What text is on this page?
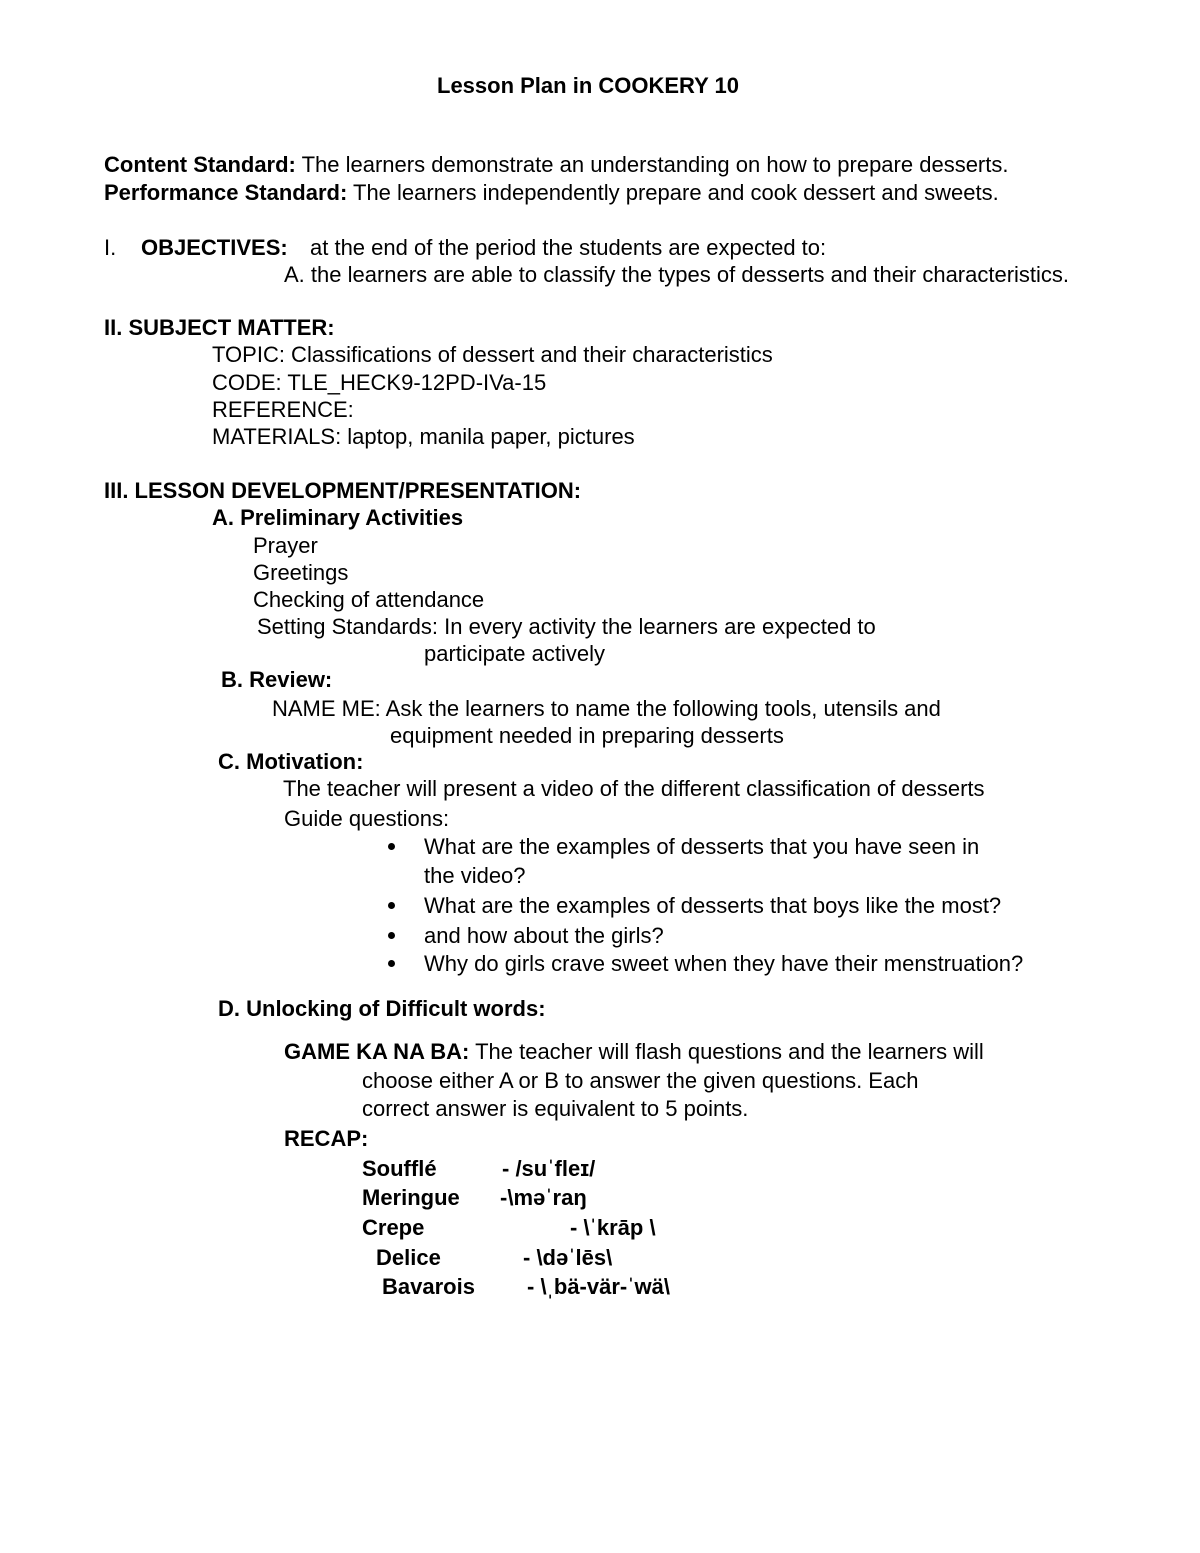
Lesson Plan in COOKERY 10
Content Standard: The learners demonstrate an understanding on how to prepare desserts.
Performance Standard: The learners independently prepare and cook dessert and sweets.
I. OBJECTIVES: at the end of the period the students are expected to:
A. the learners are able to classify the types of desserts and their characteristics.
II. SUBJECT MATTER:
TOPIC: Classifications of dessert and their characteristics
CODE: TLE_HECK9-12PD-IVa-15
REFERENCE:
MATERIALS: laptop, manila paper, pictures
III. LESSON DEVELOPMENT/PRESENTATION:
A. Preliminary Activities
Prayer
Greetings
Checking of attendance
Setting Standards: In every activity the learners are expected to
participate actively
B. Review:
NAME ME: Ask the learners to name the following tools, utensils and
equipment needed in preparing desserts
C. Motivation:
The teacher will present a video of the different classification of desserts
Guide questions:
What are the examples of desserts that you have seen in
the video?
What are the examples of desserts that boys like the most?
and how about the girls?
Why do girls crave sweet when they have their menstruation?
D. Unlocking of Difficult words:
GAME KA NA BA: The teacher will flash questions and the learners will
choose either A or B to answer the given questions. Each
correct answer is equivalent to 5 points.
RECAP:
Soufflé	- /suˈfleɪ/
Meringue -\məˈraŋ
Crepe	- \ˈkrāp \
Delice	- \dəˈlēs\
Bavarois - \ˌbä-vär-ˈwä\
